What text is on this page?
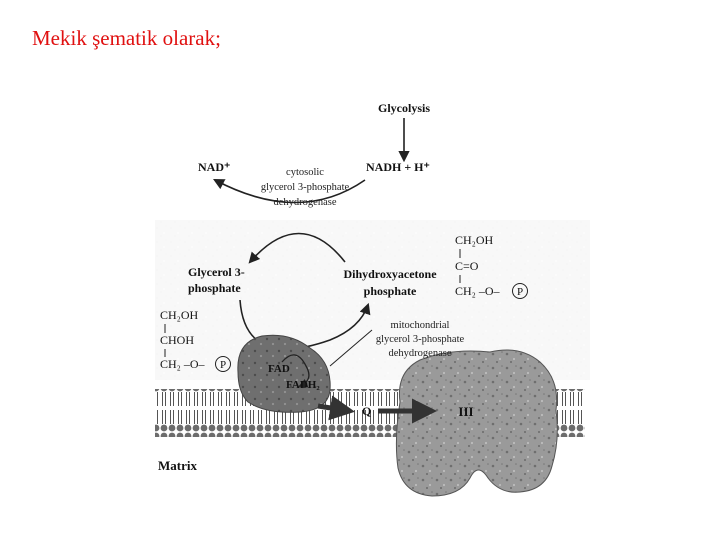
Mekik şematik olarak;
Glycolysis
NAD⁺	NADH + H⁺
cytosolic
glycerol 3-phosphate
dehydrogenase
Glycerol 3-
phosphate
Dihydroxyacetone
phosphate
CH₂OH
C=O
CH₂ –O– P
CH₂OH
CHOH
CH₂ –O– P
mitochondrial
glycerol 3-phosphate
dehydrogenase
FAD
FADH₂
Q	III
Matrix
